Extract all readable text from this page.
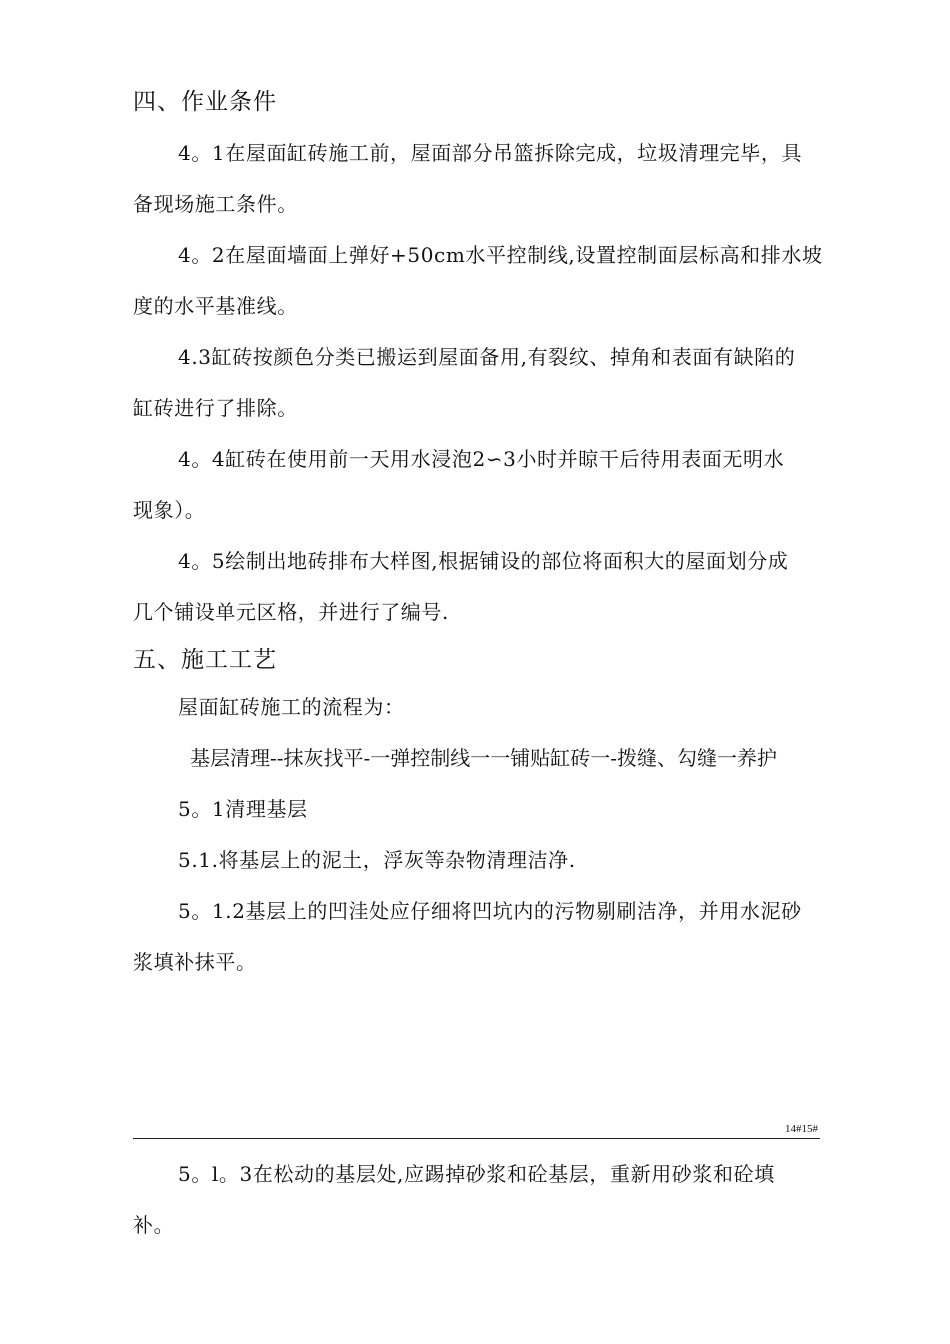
四、作业条件
4。1在屋面缸砖施工前，屋面部分吊篮拆除完成，垃圾清理完毕，具
备现场施工条件。
4。2在屋面墙面上弹好+50cm水平控制线,设置控制面层标高和排水坡
度的水平基准线。
4.3缸砖按颜色分类已搬运到屋面备用,有裂纹、掉角和表面有缺陷的
缸砖进行了排除。
4。4缸砖在使用前一天用水浸泡2∽3小时并晾干后待用表面无明水
现象）。
4。5绘制出地砖排布大样图,根据铺设的部位将面积大的屋面划分成
几个铺设单元区格，并进行了编号.
五、施工工艺
屋面缸砖施工的流程为：
基层清理--抹灰找平-一弹控制线一一铺贴缸砖一-拨缝、勾缝一养护
5。1清理基层
5.1.将基层上的泥土，浮灰等杂物清理洁净.
5。1.2基层上的凹洼处应仔细将凹坑内的污物剔刷洁净，并用水泥砂
浆填补抹平。
14#15#
5。l。3在松动的基层处,应踢掉砂浆和砼基层，重新用砂浆和砼填
补。
